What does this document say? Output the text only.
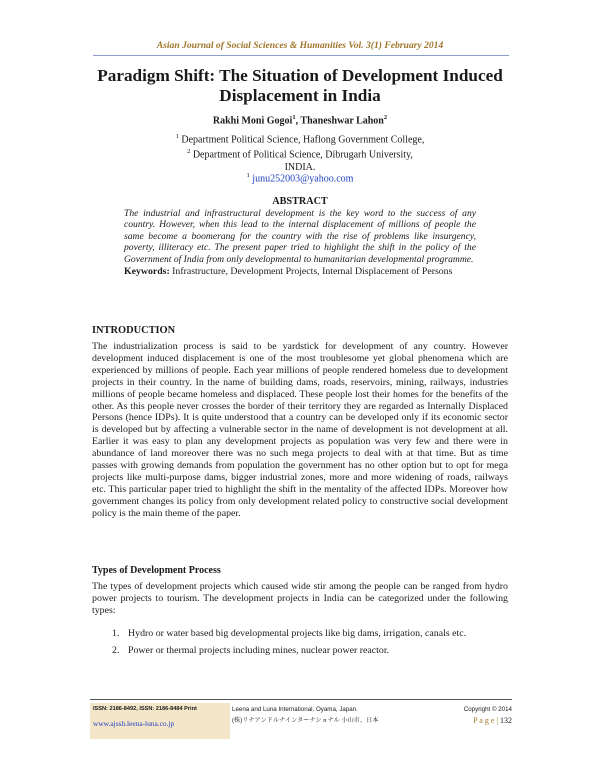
Asian Journal of Social Sciences & Humanities Vol. 3(1) February 2014
Paradigm Shift: The Situation of Development Induced Displacement in India
Rakhi Moni Gogoi$^1$, Thaneshwar Lahon$^2$
$^1$ Department Political Science, Haflong Government College,
$^2$ Department of Political Science, Dibrugarh University,
INDIA.
$^1$ junu252003@yahoo.com
ABSTRACT

The industrial and infrastructural development is the key word to the success of any country. However, when this lead to the internal displacement of millions of people the same become a boomerang for the country with the rise of problems like insurgency, poverty, illiteracy etc. The present paper tried to highlight the shift in the policy of the Government of India from only developmental to humanitarian developmental programme.

Keywords: Infrastructure, Development Projects, Internal Displacement of Persons
INTRODUCTION

The industrialization process is said to be yardstick for development of any country. However development induced displacement is one of the most troublesome yet global phenomena which are experienced by millions of people. Each year millions of people rendered homeless due to development projects in their country. In the name of building dams, roads, reservoirs, mining, railways, industries millions of people became homeless and displaced. These people lost their homes for the benefits of the other. As this people never crosses the border of their territory they are regarded as Internally Displaced Persons (hence IDPs). It is quite understood that a country can be developed only if its economic sector is developed but by affecting a vulnerable sector in the name of development is not development at all. Earlier it was easy to plan any development projects as population was very few and there were in abundance of land moreover there was no such mega projects to deal with at that time. But as time passes with growing demands from population the government has no other option but to opt for mega projects like multi-purpose dams, bigger industrial zones, more and more widening of roads, railways etc. This particular paper tried to highlight the shift in the mentality of the affected IDPs. Moreover how government changes its policy from only development related policy to constructive social development policy is the main theme of the paper.

Types of Development Process

The types of development projects which caused wide stir among the people can be ranged from hydro power projects to tourism. The development projects in India can be categorized under the following types:

1. Hydro or water based big developmental projects like big dams, irrigation, canals etc.
2. Power or thermal projects including mines, nuclear power reactor.
ISSN: 2186-8492, ISSN: 2186-8484 Print
www.ajssh.leena-luna.co.jp
Leena and Luna International, Oyama, Japan.
(株)リナアンドルナインターナショナル 小山市、日本
Copyright © 2014
P a g e | 132
